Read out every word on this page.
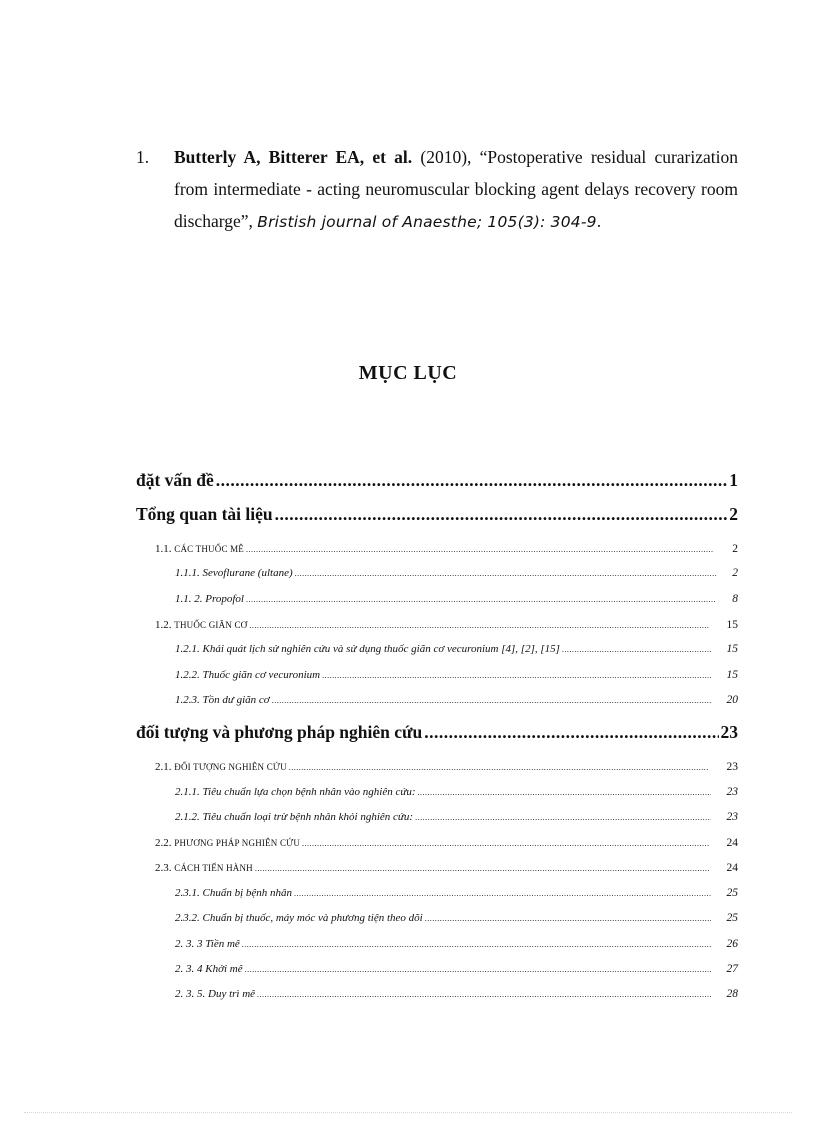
1. Butterly A, Bitterer EA, et al. (2010), “Postoperative residual curarization from intermediate - acting neuromuscular blocking agent delays recovery room discharge”, Bristish journal of Anaesthe; 105(3): 304-9.
MỤC LỤC
đặt vấn đề .....	1
Tổng quan tài liệu .....	2
1.1. CÁC THUỐC MÊ .....	2
1.1.1. Sevoflurane (ultane) .....	2
1.1. 2. Propofol .....	8
1.2. THUỐC GIÃN CƠ .....	15
1.2.1. Khái quát lịch sử nghiên cứu và sử dụng thuốc giãn cơ vecuronium [4], [2], [15] .....	15
1.2.2. Thuốc giãn cơ vecuronium .....	15
1.2.3. Tồn dư giãn cơ .....	20
đối tượng và phương pháp nghiên cứu .....	23
2.1. ĐỐI TƯỢNG NGHIÊN CỨU .....	23
2.1.1. Tiêu chuẩn lựa chọn bệnh nhân vào nghiên cứu: .....	23
2.1.2. Tiêu chuẩn loại trừ bệnh nhân khỏi nghiên cứu: .....	23
2.2. PHƯƠNG PHÁP NGHIÊN CỨU .....	24
2.3. CÁCH TIẾN HÀNH .....	24
2.3.1. Chuẩn bị bệnh nhân .....	25
2.3.2. Chuẩn bị thuốc, máy móc và phương tiện theo dõi .....	25
2. 3. 3 Tiền mê .....	26
2. 3. 4 Khởi mê .....	27
2. 3. 5. Duy trì mê .....	28
